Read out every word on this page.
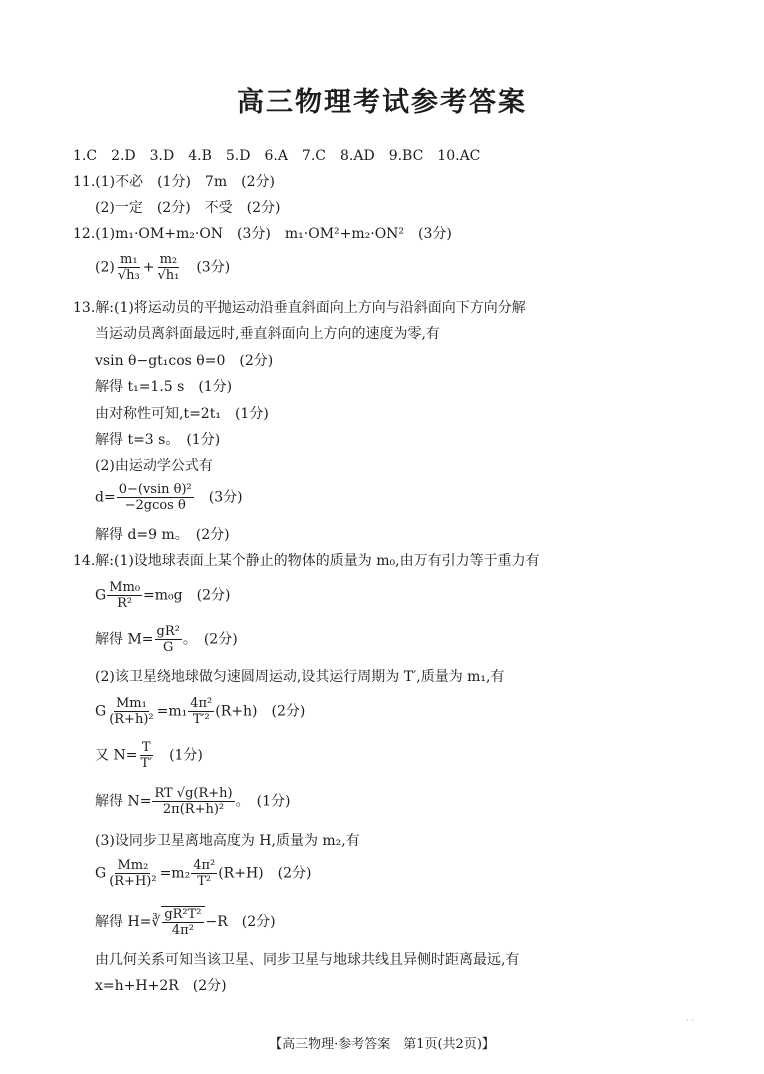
高三物理考试参考答案
1.C　2.D　3.D　4.B　5.D　6.A　7.C　8.AD　9.BC　10.AC
11.(1)不必　(1分)　7m　(2分)
(2)一定　(2分)　不受　(2分)
12.(1)m₁·OM+m₂·ON　(3分)　m₁·OM²+m₂·ON²　(3分)
$(2) \frac{\text{m₁}}{\text{√h₃}} + \frac{\text{m₂}}{\text{√h₁}}$
　 (3分)
13.解:(1)将运动员的平抛运动沿垂直斜面向上方向与沿斜面向下方向分解
当运动员离斜面最远时,垂直斜面向上方向的速度为零,有
vsin θ−gt₁cos θ=0　(2分)
解得 t₁=1.5 s　(1分)
由对称性可知,t=2t₁　(1分)
解得 t=3 s。　(1分)
(2)由运动学公式有
$d= \frac{\text{0−(vsin θ)²}}{\text{−2gcos θ}}$
　 (3分)
解得 d=9 m。　(2分)
14.解:(1)设地球表面上某个静止的物体的质量为 m₀,由万有引力等于重力有
G $\frac{\text{Mm₀}}{\text{R²}} =m_0g$　(2分)
解得 $M= \frac{\text{gR²}}{G}$ 。　(2分)
(2)该卫星绕地球做匀速圆周运动,设其运行周期为 T′,质量为 m₁,有
G $\frac{\text{Mm₁}}{\text{(R+h)²}} =m_1 \frac{\text{4π²}}{\text{T′²}} (R+h)$　(2分)
又 $N= \frac{T}{T'}$
　 (1分)
解得 $N= \frac{RT √g(R+h)}{\text{2π(R+h)²}}$ 。　(1分)
(3)设同步卫星离地高度为 H,质量为 m₂,有
G $\frac{\text{Mm₂}}{\text{(R+H)²}} =m_2 \frac{\text{4π²}}{\text{T²}} (R+H)$　(2分)
解得 H=∛ $\frac{\text{gR²T²}}{\text{4π²}} -R$　(2分)
由几何关系可知当该卫星、同步卫星与地球共线且异侧时距离最远,有
x=h+H+2R　(2分)
· ·
【高三物理·参考答案　第1页(共2页)】
